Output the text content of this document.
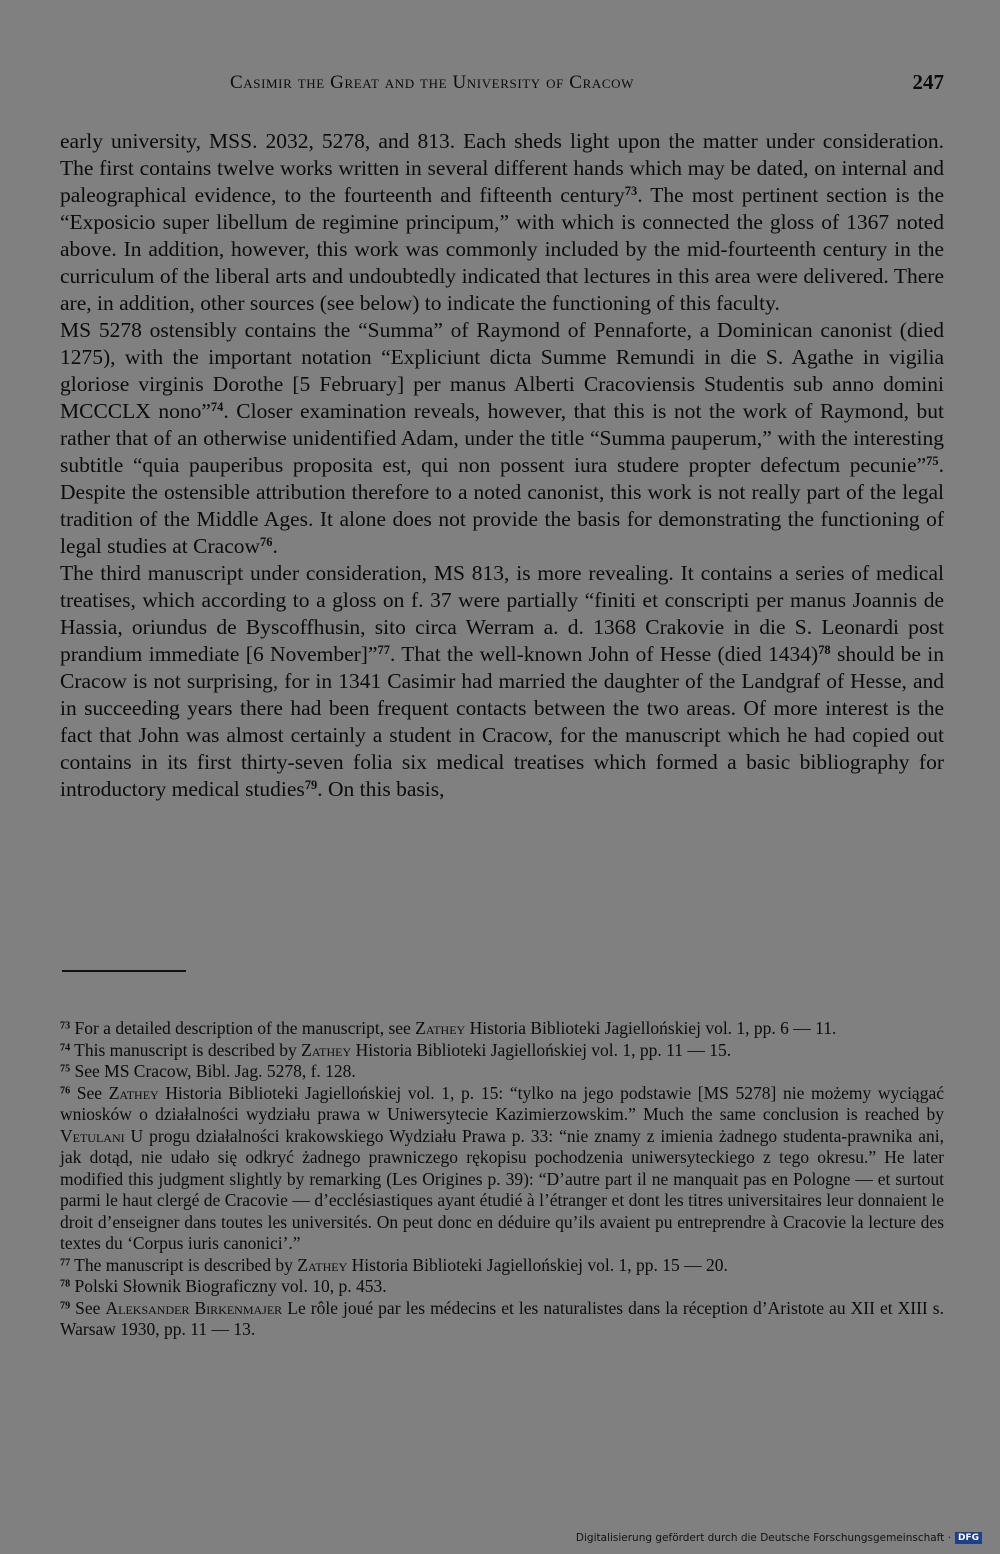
Casimir the Great and the University of Cracow	247

early university, MSS. 2032, 5278, and 813. Each sheds light upon the matter under consideration. The first contains twelve works written in several different hands which may be dated, on internal and paleographical evidence, to the fourteenth and fifteenth century$^{73}$. The most pertinent section is the “Exposicio super libellum de regimine principum,” with which is connected the gloss of 1367 noted above. In addition, however, this work was commonly included by the mid-fourteenth century in the curriculum of the liberal arts and undoubtedly indicated that lectures in this area were delivered. There are, in addition, other sources (see below) to indicate the functioning of this faculty.

MS 5278 ostensibly contains the “Summa” of Raymond of Pennaforte, a Dominican canonist (died 1275), with the important notation “Expliciunt dicta Summe Remundi in die S. Agathe in vigilia gloriose virginis Dorothe [5 February] per manus Alberti Cracoviensis Studentis sub anno domini MCCCLX nono”$^{74}$. Closer examination reveals, however, that this is not the work of Raymond, but rather that of an otherwise unidentified Adam, under the title “Summa pauperum,” with the interesting subtitle “quia pauperibus proposita est, qui non possent iura studere propter defectum pecunie”$^{75}$. Despite the ostensible attribution therefore to a noted canonist, this work is not really part of the legal tradition of the Middle Ages. It alone does not provide the basis for demonstrating the functioning of legal studies at Cracow$^{76}$.

The third manuscript under consideration, MS 813, is more revealing. It contains a series of medical treatises, which according to a gloss on f. 37 were partially “finiti et conscripti per manus Joannis de Hassia, oriundus de Byscoffhusin, sito circa Werram a. d. 1368 Crakovie in die S. Leonardi post prandium immediate [6 November]”$^{77}$. That the well-known John of Hesse (died 1434)$^{78}$ should be in Cracow is not surprising, for in 1341 Casimir had married the daughter of the Landgraf of Hesse, and in succeeding years there had been frequent contacts between the two areas. Of more interest is the fact that John was almost certainly a student in Cracow, for the manuscript which he had copied out contains in its first thirty-seven folia six medical treatises which formed a basic bibliography for introductory medical studies$^{79}$. On this basis,

$^{73}$ For a detailed description of the manuscript, see Zathey Historia Biblioteki Jagiellońskiej vol. 1, pp. 6 — 11.

$^{74}$ This manuscript is described by Zathey Historia Biblioteki Jagiellońskiej vol. 1, pp. 11 — 15.

$^{75}$ See MS Cracow, Bibl. Jag. 5278, f. 128.

$^{76}$ See Zathey Historia Biblioteki Jagiellońskiej vol. 1, p. 15: “tylko na jego podstawie [MS 5278] nie możemy wyciągać wniosków o działalności wydziału prawa w Uniwersytecie Kazimierzowskim.” Much the same conclusion is reached by Vetulani U progu działalności krakowskiego Wydziału Prawa p. 33: “nie znamy z imienia żadnego studenta-prawnika ani, jak dotąd, nie udało się odkryć żadnego prawniczego rękopisu pochodzenia uniwersyteckiego z tego okresu.” He later modified this judgment slightly by remarking (Les Origines p. 39): “D’autre part il ne manquait pas en Pologne — et surtout parmi le haut clergé de Cracovie — d’ecclésiastiques ayant étudié à l’étranger et dont les titres universitaires leur donnaient le droit d’enseigner dans toutes les universités. On peut donc en déduire qu’ils avaient pu entreprendre à Cracovie la lecture des textes du ‘Corpus iuris canonici’.”

$^{77}$ The manuscript is described by Zathey Historia Biblioteki Jagiellońskiej vol. 1, pp. 15 — 20.

$^{78}$ Polski Słownik Biograficzny vol. 10, p. 453.

$^{79}$ See Aleksander Birkenmajer Le rôle joué par les médecins et les naturalistes dans la réception d’Aristote au XII et XIII s. Warsaw 1930, pp. 11 — 13.

Digitalisierung gefördert durch die Deutsche Forschungsgemeinschaft · DFG
